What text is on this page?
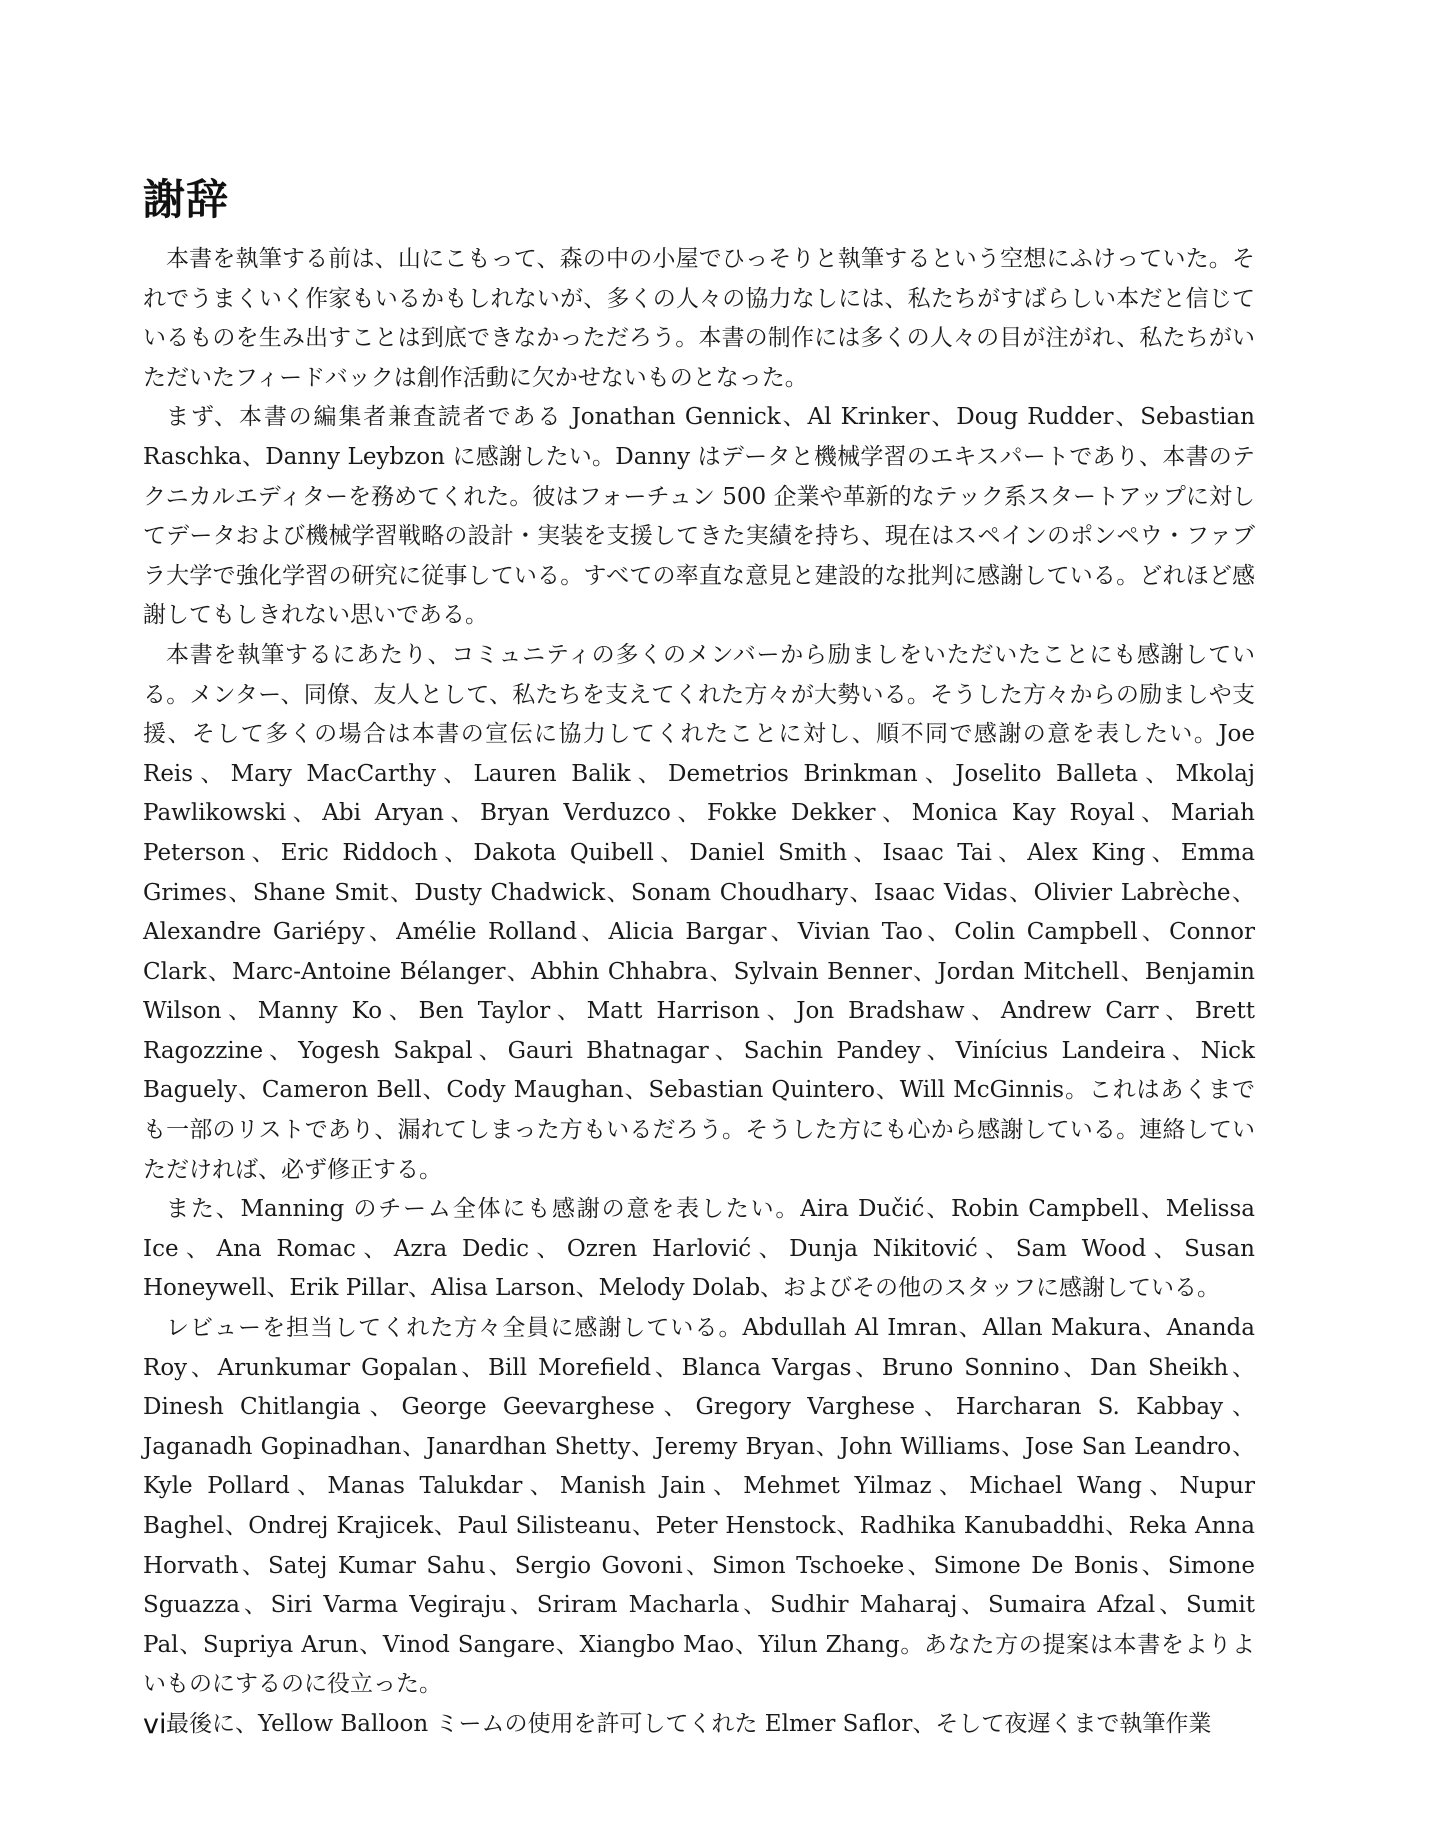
謝辞

本書を執筆する前は、山にこもって、森の中の小屋でひっそりと執筆するという空想にふけっていた。それでうまくいく作家もいるかもしれないが、多くの人々の協力なしには、私たちがすばらしい本だと信じているものを生み出すことは到底できなかっただろう。本書の制作には多くの人々の目が注がれ、私たちがいただいたフィードバックは創作活動に欠かせないものとなった。

まず、本書の編集者兼査読者である Jonathan Gennick、Al Krinker、Doug Rudder、Sebastian Raschka、Danny Leybzon に感謝したい。Danny はデータと機械学習のエキスパートであり、本書のテクニカルエディターを務めてくれた。彼はフォーチュン 500 企業や革新的なテック系スタートアップに対してデータおよび機械学習戦略の設計・実装を支援してきた実績を持ち、現在はスペインのポンペウ・ファブラ大学で強化学習の研究に従事している。すべての率直な意見と建設的な批判に感謝している。どれほど感謝してもしきれない思いである。

本書を執筆するにあたり、コミュニティの多くのメンバーから励ましをいただいたことにも感謝している。メンター、同僚、友人として、私たちを支えてくれた方々が大勢いる。そうした方々からの励ましや支援、そして多くの場合は本書の宣伝に協力してくれたことに対し、順不同で感謝の意を表したい。Joe Reis、Mary MacCarthy、Lauren Balik、Demetrios Brinkman、Joselito Balleta、Mkolaj Pawlikowski、Abi Aryan、Bryan Verduzco、Fokke Dekker、Monica Kay Royal、Mariah Peterson、Eric Riddoch、Dakota Quibell、Daniel Smith、Isaac Tai、Alex King、Emma Grimes、Shane Smit、Dusty Chadwick、Sonam Choudhary、Isaac Vidas、Olivier Labrèche、Alexandre Gariépy、Amélie Rolland、Alicia Bargar、Vivian Tao、Colin Campbell、Connor Clark、Marc-Antoine Bélanger、Abhin Chhabra、Sylvain Benner、Jordan Mitchell、Benjamin Wilson、Manny Ko、Ben Taylor、Matt Harrison、Jon Bradshaw、Andrew Carr、Brett Ragozzine、Yogesh Sakpal、Gauri Bhatnagar、Sachin Pandey、Vinícius Landeira、Nick Baguely、Cameron Bell、Cody Maughan、Sebastian Quintero、Will McGinnis。これはあくまでも一部のリストであり、漏れてしまった方もいるだろう。そうした方にも心から感謝している。連絡していただければ、必ず修正する。

また、Manning のチーム全体にも感謝の意を表したい。Aira Dučić、Robin Campbell、Melissa Ice、Ana Romac、Azra Dedic、Ozren Harlović、Dunja Nikitović、Sam Wood、Susan Honeywell、Erik Pillar、Alisa Larson、Melody Dolab、およびその他のスタッフに感謝している。

レビューを担当してくれた方々全員に感謝している。Abdullah Al Imran、Allan Makura、Ananda Roy、Arunkumar Gopalan、Bill Morefield、Blanca Vargas、Bruno Sonnino、Dan Sheikh、Dinesh Chitlangia、George Geevarghese、Gregory Varghese、Harcharan S. Kabbay、Jaganadh Gopinadhan、Janardhan Shetty、Jeremy Bryan、John Williams、Jose San Leandro、Kyle Pollard、Manas Talukdar、Manish Jain、Mehmet Yilmaz、Michael Wang、Nupur Baghel、Ondrej Krajicek、Paul Silisteanu、Peter Henstock、Radhika Kanubaddhi、Reka Anna Horvath、Satej Kumar Sahu、Sergio Govoni、Simon Tschoeke、Simone De Bonis、Simone Sguazza、Siri Varma Vegiraju、Sriram Macharla、Sudhir Maharaj、Sumaira Afzal、Sumit Pal、Supriya Arun、Vinod Sangare、Xiangbo Mao、Yilun Zhang。あなた方の提案は本書をよりよいものにするのに役立った。

最後に、Yellow Balloon ミームの使用を許可してくれた Elmer Saflor、そして夜遅くまで執筆作業

vi
